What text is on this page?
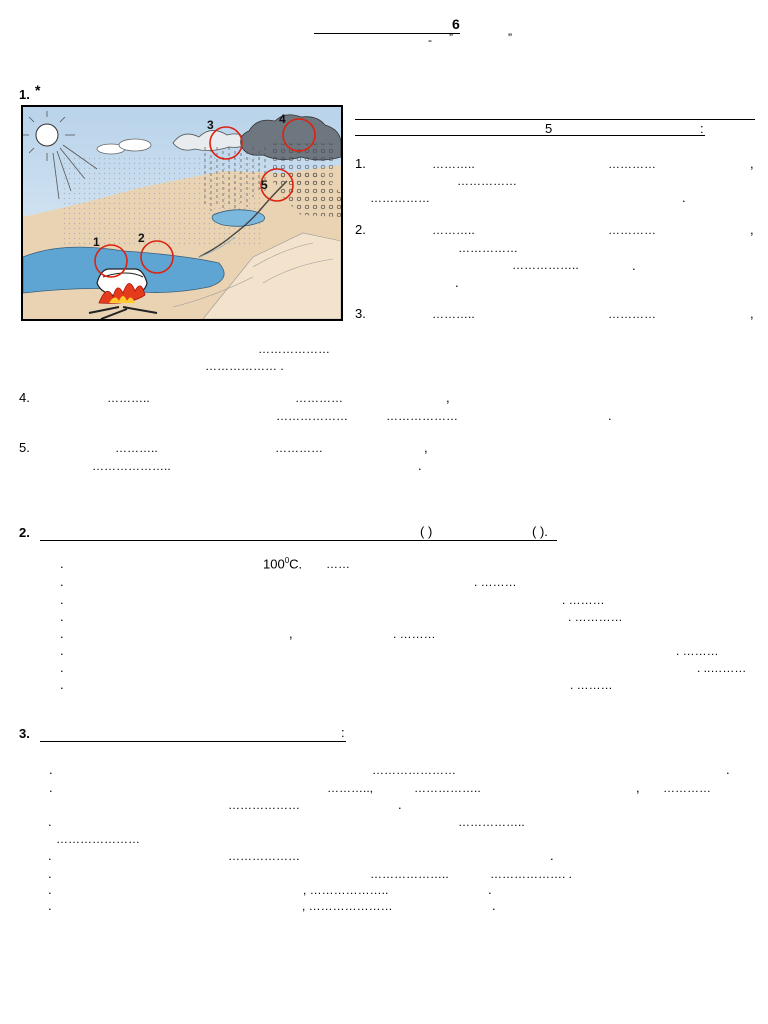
6
- ”	”
1. *
1	2
3	4
5
5	:
1.	………..	…………	,
……………
……………	.
2.	………..	…………	,
……………
……………..	.
.
3.	………..	…………	,
………………
……………… .
4.	………..	…………	,
………………	………………	.
5.	………..	…………	,
………………..	.
2.	( )	( ).
.	$100^0C$. ……
.	. ………
.	. ………
.	. …………
.	,	. ………
.	. ………
.	. ..………
.	. ………
3.	:
.	…………………	.
.	………..,	……………..	, …………
………………	.
.	……………..
…………………
.	………………	.
.	………………..	………………. .
.	, ………………..	.
.	, …………………	.
